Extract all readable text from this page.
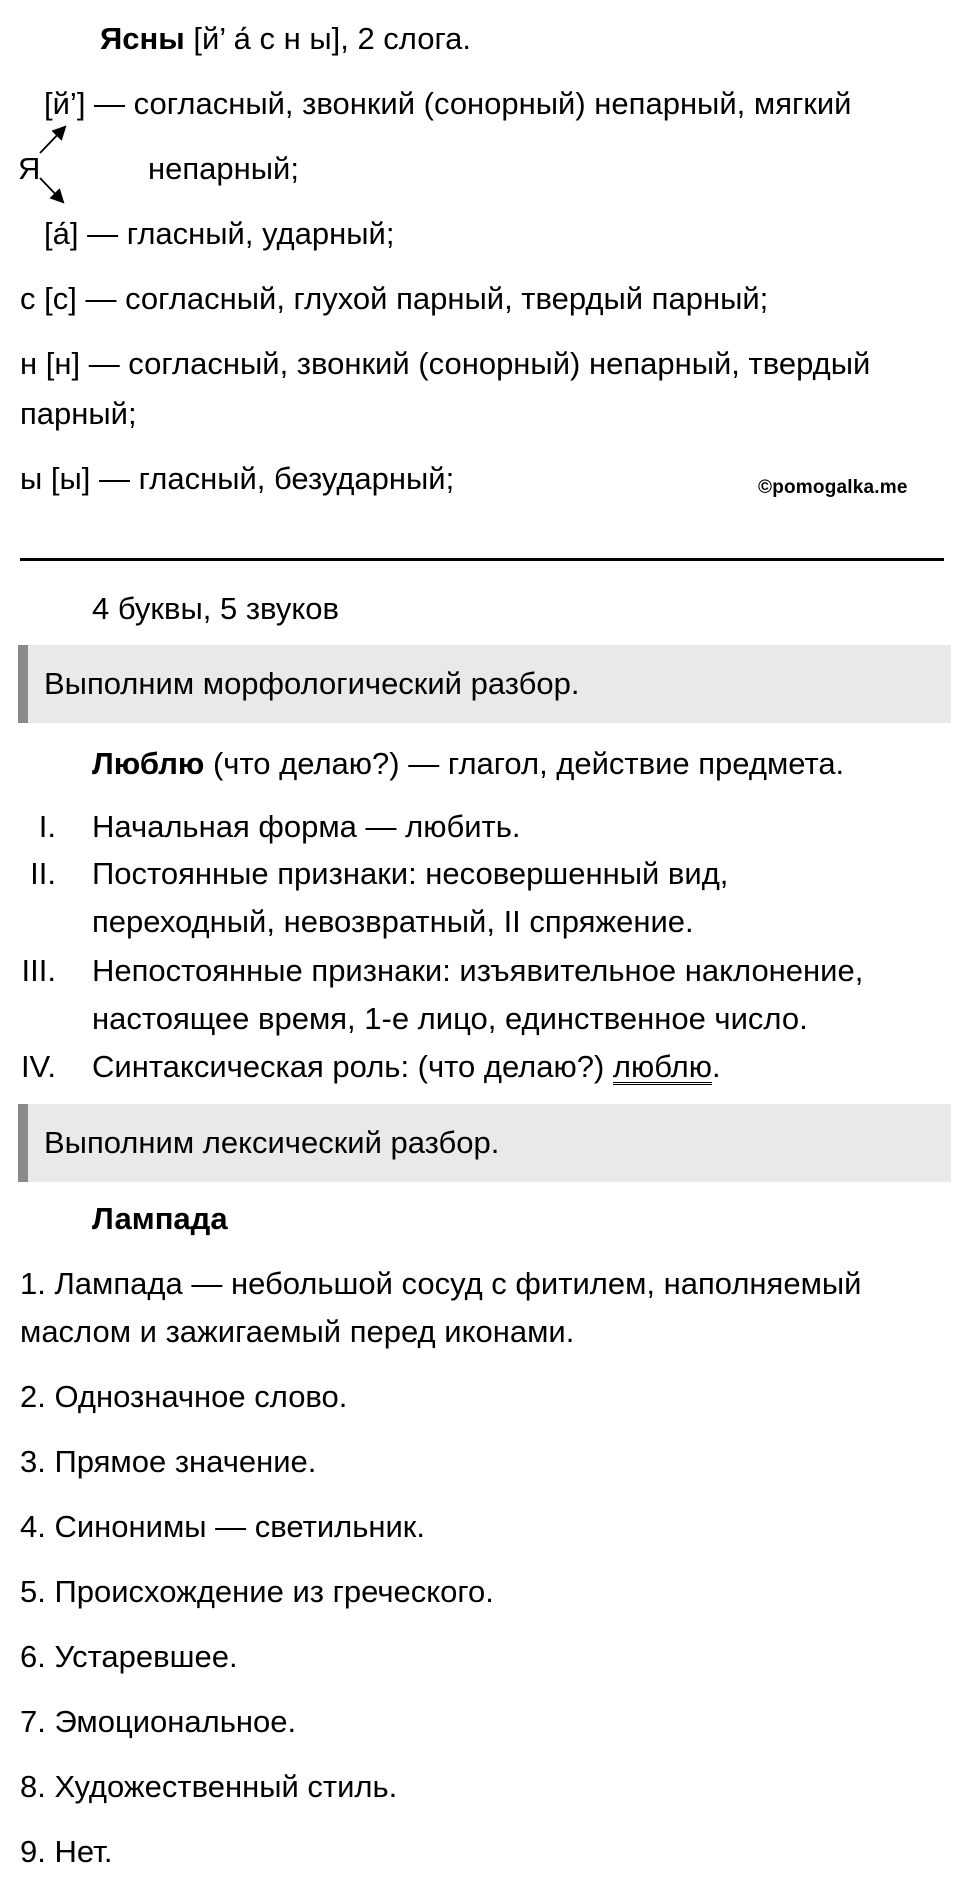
Ясны [й’ а́ с н ы], 2 слога.
[й’] — согласный, звонкий (сонорный) непарный, мягкий
Я	непарный;
[а́] — гласный, ударный;
с [с] — согласный, глухой парный, твердый парный;
н [н] — согласный, звонкий (сонорный) непарный, твердый
парный;
ы [ы] — гласный, безударный;	©pomogalka.me
4 буквы, 5 звуков
Выполним морфологический разбор.
Люблю (что делаю?) — глагол, действие предмета.
I. Начальная форма — любить.
II. Постоянные признаки: несовершенный вид,
переходный, невозвратный, II спряжение.
III. Непостоянные признаки: изъявительное наклонение,
настоящее время, 1-е лицо, единственное число.
IV. Синтаксическая роль: (что делаю?) люблю.
Выполним лексический разбор.
Лампада
1. Лампада — небольшой сосуд с фитилем, наполняемый
маслом и зажигаемый перед иконами.
2. Однозначное слово.
3. Прямое значение.
4. Синонимы — светильник.
5. Происхождение из греческого.
6. Устаревшее.
7. Эмоциональное.
8. Художественный стиль.
9. Нет.
